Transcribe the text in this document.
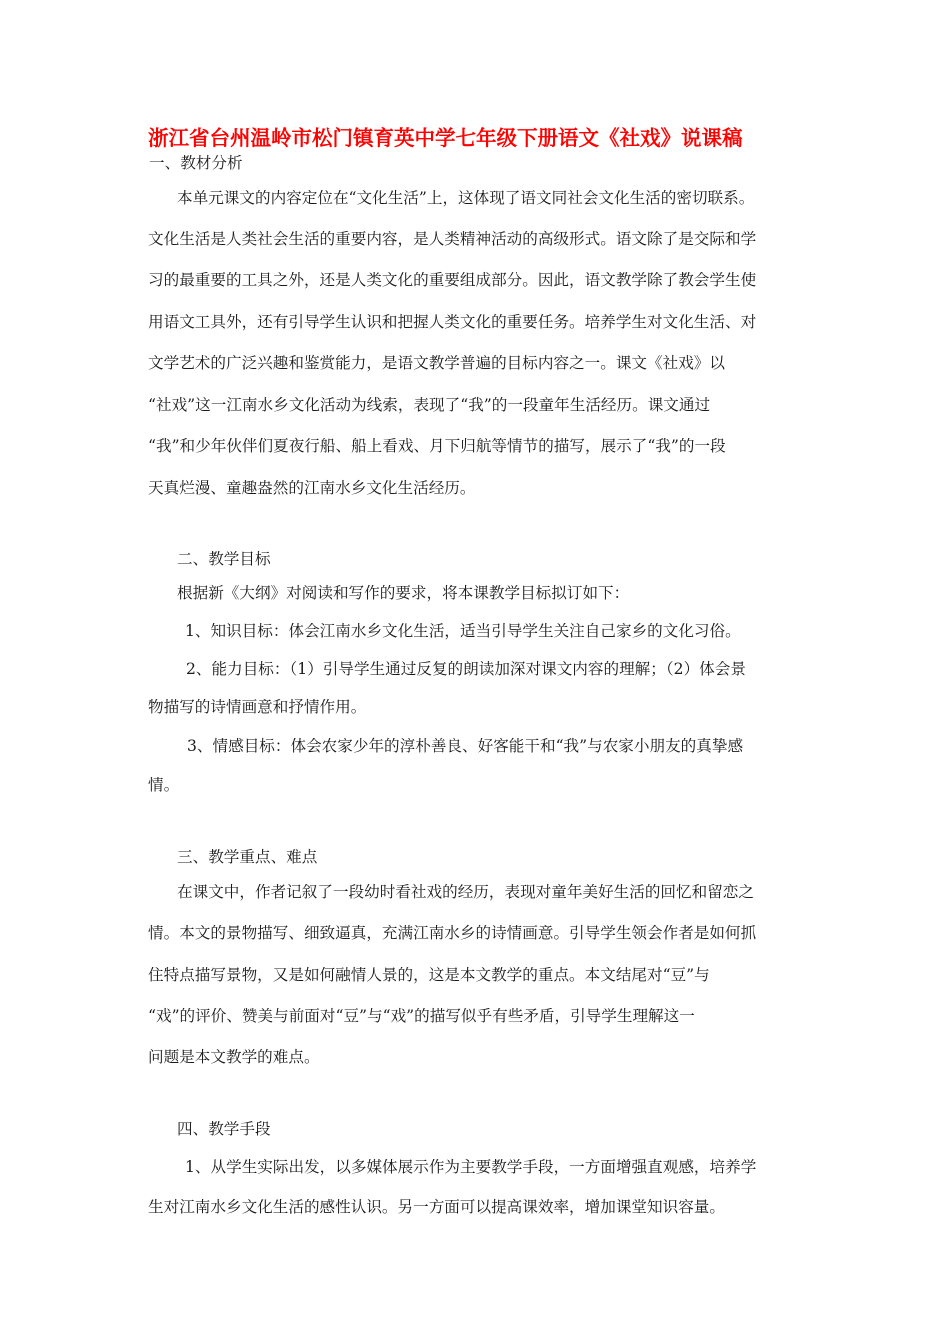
浙江省台州温岭市松门镇育英中学七年级下册语文《社戏》说课稿
一、教材分析
本单元课文的内容定位在“文化生活”上，这体现了语文同社会文化生活的密切联系。
文化生活是人类社会生活的重要内容，是人类精神活动的高级形式。语文除了是交际和学
习的最重要的工具之外，还是人类文化的重要组成部分。因此，语文教学除了教会学生使
用语文工具外，还有引导学生认识和把握人类文化的重要任务。培养学生对文化生活、对
文学艺术的广泛兴趣和鉴赏能力，是语文教学普遍的目标内容之一。课文《社戏》以
“社戏”这一江南水乡文化活动为线索，表现了“我”的一段童年生活经历。课文通过
“我”和少年伙伴们夏夜行船、船上看戏、月下归航等情节的描写，展示了“我”的一段
天真烂漫、童趣盎然的江南水乡文化生活经历。
二、教学目标
根据新《大纲》对阅读和写作的要求，将本课教学目标拟订如下：
1、知识目标：体会江南水乡文化生活，适当引导学生关注自己家乡的文化习俗。
2、能力目标：（1）引导学生通过反复的朗读加深对课文内容的理解；（2）体会景
物描写的诗情画意和抒情作用。
3、情感目标：体会农家少年的淳朴善良、好客能干和“我”与农家小朋友的真挚感
情。
三、教学重点、难点
在课文中，作者记叙了一段幼时看社戏的经历，表现对童年美好生活的回忆和留恋之
情。本文的景物描写、细致逼真，充满江南水乡的诗情画意。引导学生领会作者是如何抓
住特点描写景物，又是如何融情人景的，这是本文教学的重点。本文结尾对“豆”与
“戏”的评价、赞美与前面对“豆”与“戏”的描写似乎有些矛盾，引导学生理解这一
问题是本文教学的难点。
四、教学手段
1、从学生实际出发，以多媒体展示作为主要教学手段，一方面增强直观感，培养学
生对江南水乡文化生活的感性认识。另一方面可以提高课效率，增加课堂知识容量。
